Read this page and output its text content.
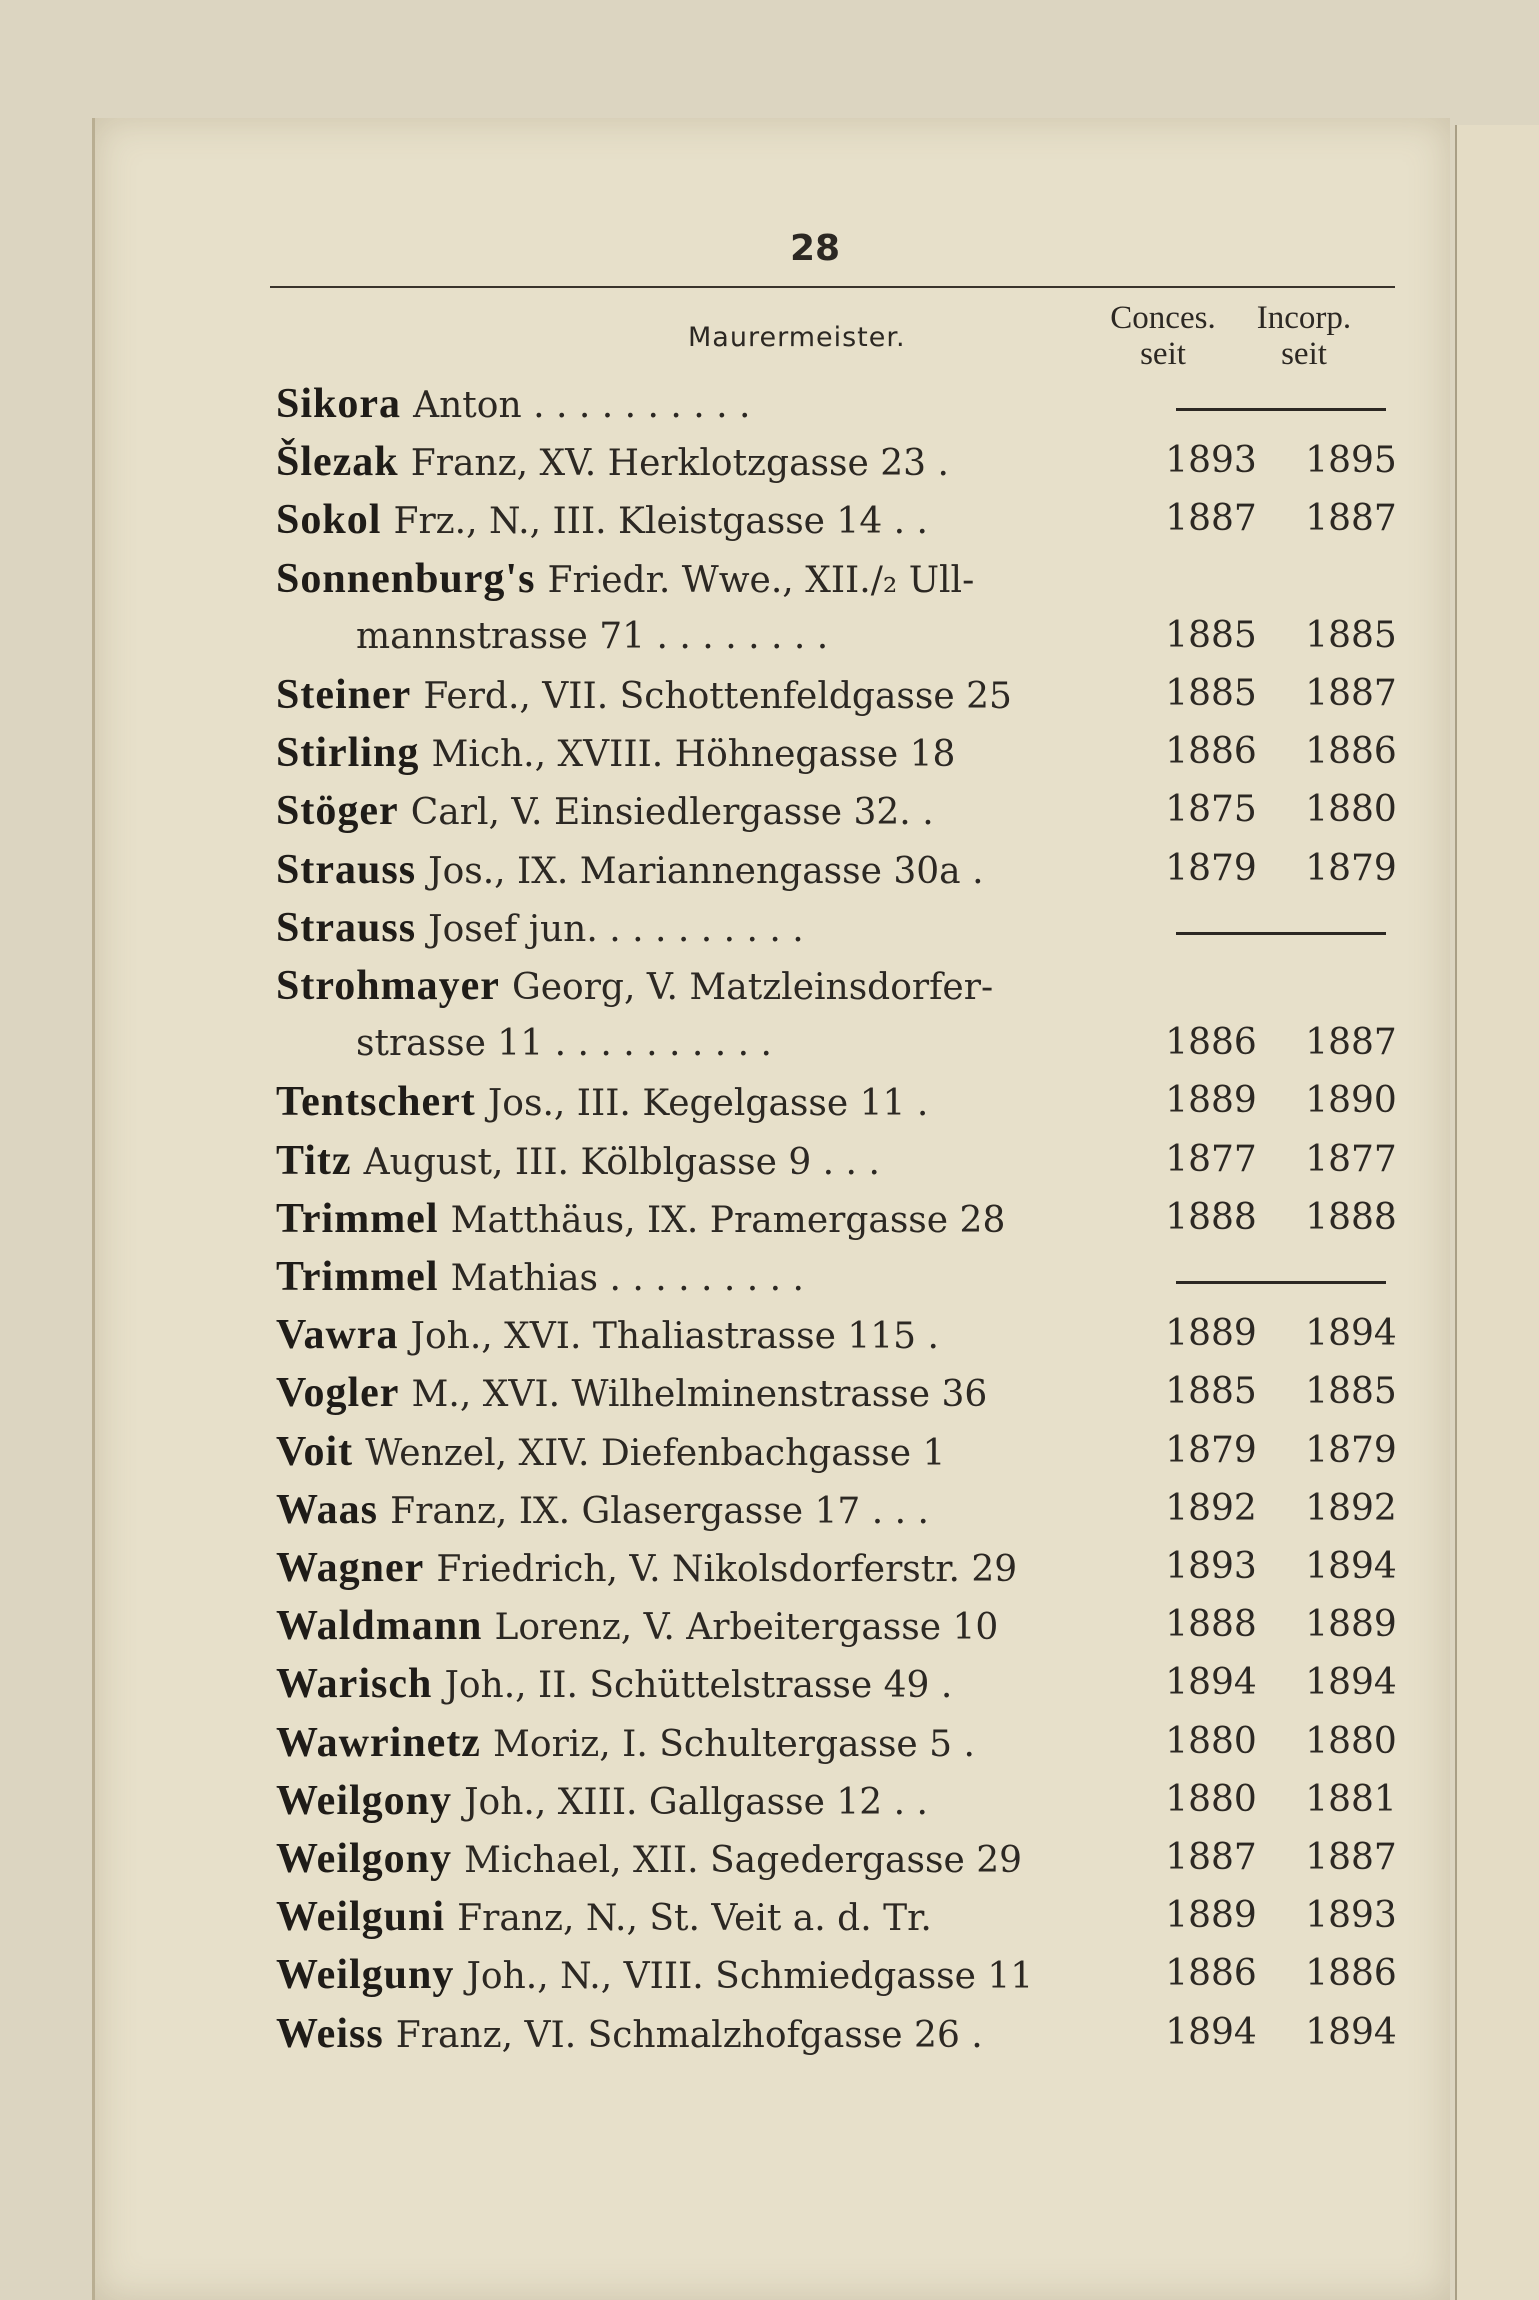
28
Maurermeister.
Conces.
seit
Incorp.
seit
Sikora Anton . . . . . . . . . .
Šlezak Franz, XV. Herklotzgasse 23 .	1893	1895
Sokol Frz., N., III. Kleistgasse 14 . .	1887	1887
Sonnenburg's Friedr. Wwe., XII./₂ Ull-
mannstrasse 71 . . . . . . . .	1885	1885
Steiner Ferd., VII. Schottenfeldgasse 25	1885	1887
Stirling Mich., XVIII. Höhnegasse 18	1886	1886
Stöger Carl, V. Einsiedlergasse 32. .	1875	1880
Strauss Jos., IX. Mariannengasse 30a .	1879	1879
Strauss Josef jun. . . . . . . . . .
Strohmayer Georg, V. Matzleinsdorfer-
strasse 11 . . . . . . . . . .	1886	1887
Tentschert Jos., III. Kegelgasse 11 .	1889	1890
Titz August, III. Kölblgasse 9 . . .	1877	1877
Trimmel Matthäus, IX. Pramergasse 28	1888	1888
Trimmel Mathias . . . . . . . . .
Vawra Joh., XVI. Thaliastrasse 115 .	1889	1894
Vogler M., XVI. Wilhelminenstrasse 36	1885	1885
Voit Wenzel, XIV. Diefenbachgasse 1	1879	1879
Waas Franz, IX. Glasergasse 17 . . .	1892	1892
Wagner Friedrich, V. Nikolsdorferstr. 29	1893	1894
Waldmann Lorenz, V. Arbeitergasse 10	1888	1889
Warisch Joh., II. Schüttelstrasse 49 .	1894	1894
Wawrinetz Moriz, I. Schultergasse 5 .	1880	1880
Weilgony Joh., XIII. Gallgasse 12 . .	1880	1881
Weilgony Michael, XII. Sagedergasse 29	1887	1887
Weilguni Franz, N., St. Veit a. d. Tr.	1889	1893
Weilguny Joh., N., VIII. Schmiedgasse 11	1886	1886
Weiss Franz, VI. Schmalzhofgasse 26 .	1894	1894
